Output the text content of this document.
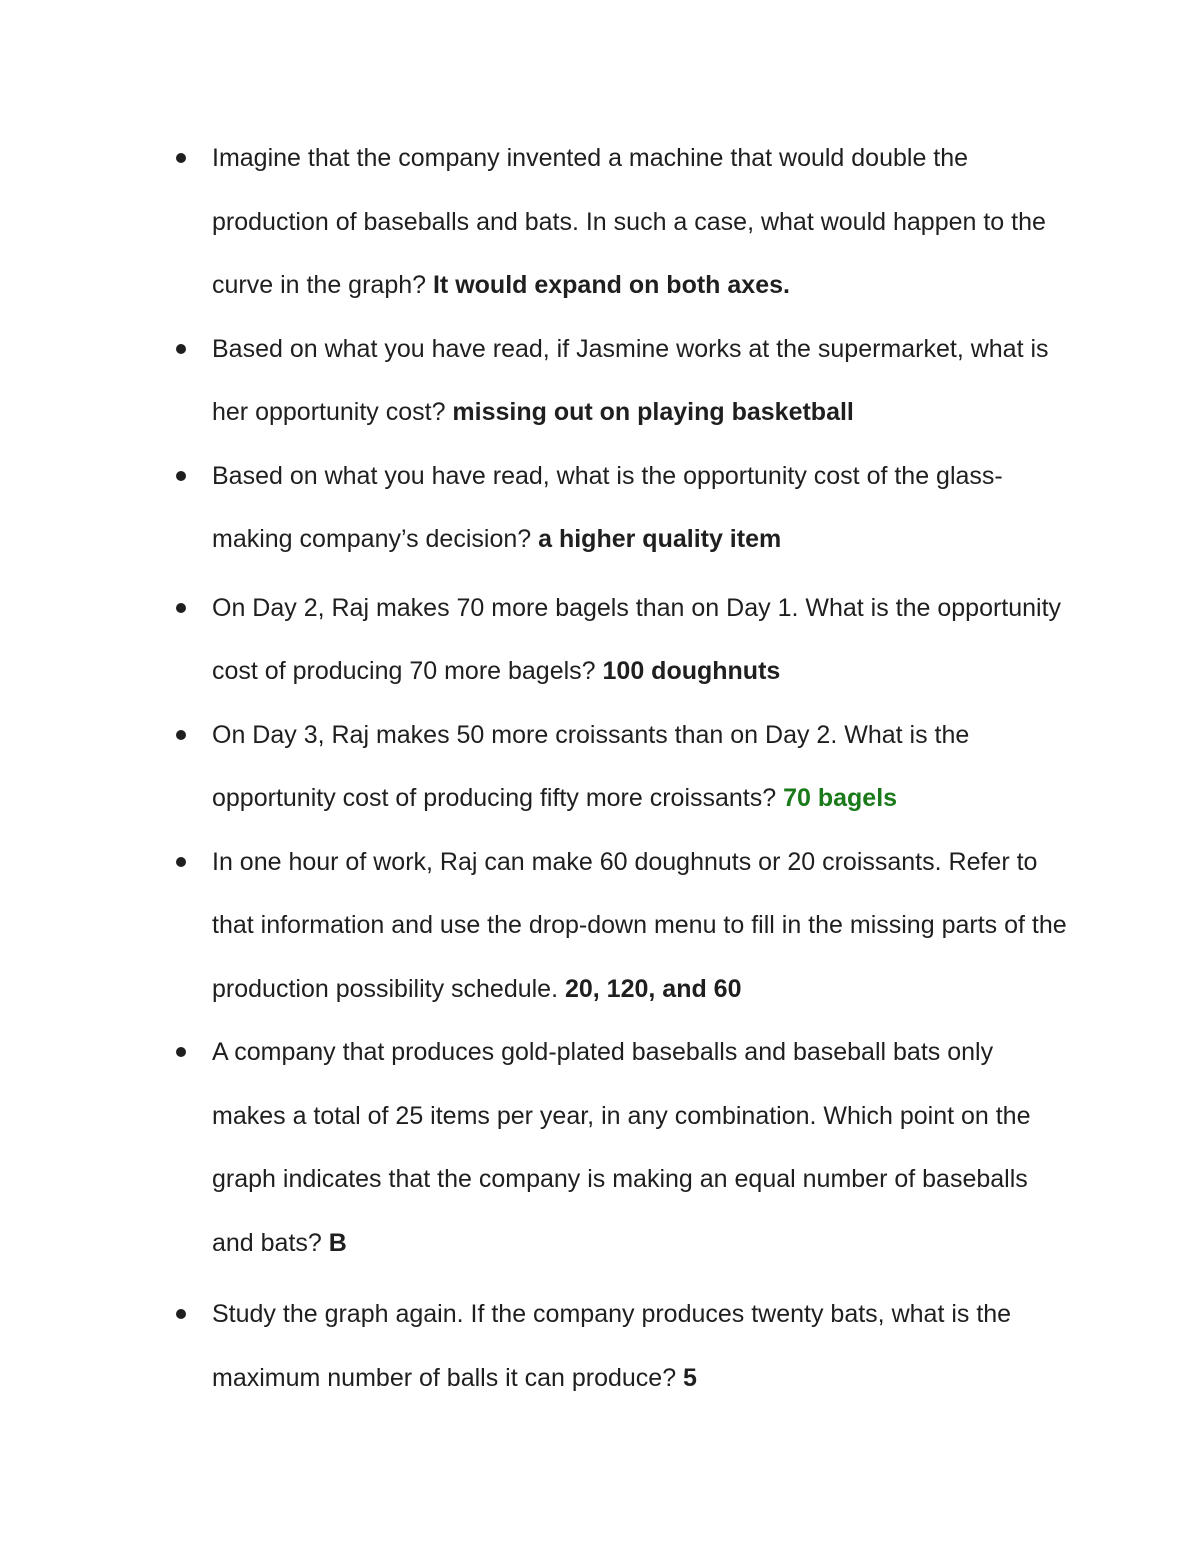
Imagine that the company invented a machine that would double the production of baseballs and bats. In such a case, what would happen to the curve in the graph? It would expand on both axes.
Based on what you have read, if Jasmine works at the supermarket, what is her opportunity cost? missing out on playing basketball
Based on what you have read, what is the opportunity cost of the glass-making company’s decision? a higher quality item
On Day 2, Raj makes 70 more bagels than on Day 1. What is the opportunity cost of producing 70 more bagels? 100 doughnuts
On Day 3, Raj makes 50 more croissants than on Day 2. What is the opportunity cost of producing fifty more croissants? 70 bagels
In one hour of work, Raj can make 60 doughnuts or 20 croissants. Refer to that information and use the drop-down menu to fill in the missing parts of the production possibility schedule. 20, 120, and 60
A company that produces gold-plated baseballs and baseball bats only makes a total of 25 items per year, in any combination. Which point on the graph indicates that the company is making an equal number of baseballs and bats? B
Study the graph again. If the company produces twenty bats, what is the maximum number of balls it can produce? 5
